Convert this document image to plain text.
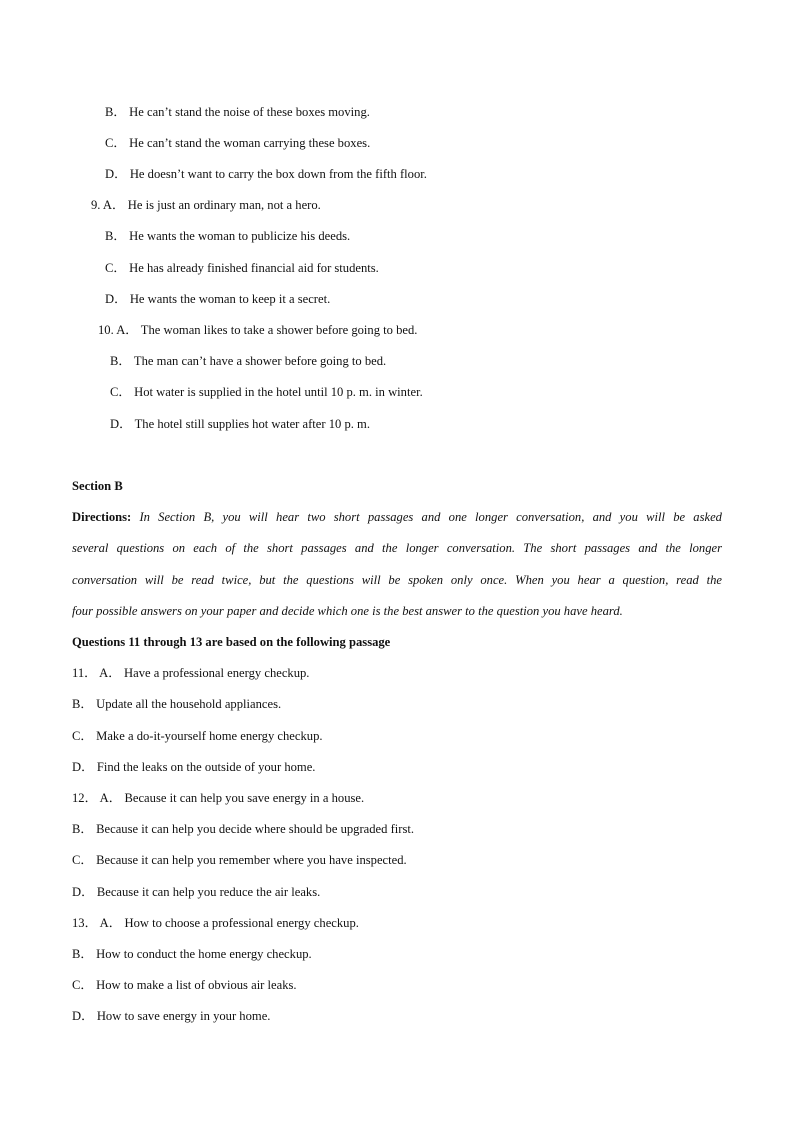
B． He can’t stand the noise of these boxes moving.
C． He can’t stand the woman carrying these boxes.
D． He doesn’t want to carry the box down from the fifth floor.
9. A． He is just an ordinary man, not a hero.
B． He wants the woman to publicize his deeds.
C． He has already finished financial aid for students.
D． He wants the woman to keep it a secret.
10. A． The woman likes to take a shower before going to bed.
B． The man can’t have a shower before going to bed.
C． Hot water is supplied in the hotel until 10 p. m. in winter.
D． The hotel still supplies hot water after 10 p. m.
Section B
Directions: In Section B, you will hear two short passages and one longer conversation, and you will be asked
several questions on each of the short passages and the longer conversation. The short passages and the longer
conversation will be read twice, but the questions will be spoken only once. When you hear a question, read the
four possible answers on your paper and decide which one is the best answer to the question you have heard.
Questions 11 through 13 are based on the following passage
11． A． Have a professional energy checkup.
B． Update all the household appliances.
C． Make a do-it-yourself home energy checkup.
D． Find the leaks on the outside of your home.
12． A． Because it can help you save energy in a house.
B． Because it can help you decide where should be upgraded first.
C． Because it can help you remember where you have inspected.
D． Because it can help you reduce the air leaks.
13． A． How to choose a professional energy checkup.
B． How to conduct the home energy checkup.
C． How to make a list of obvious air leaks.
D． How to save energy in your home.
